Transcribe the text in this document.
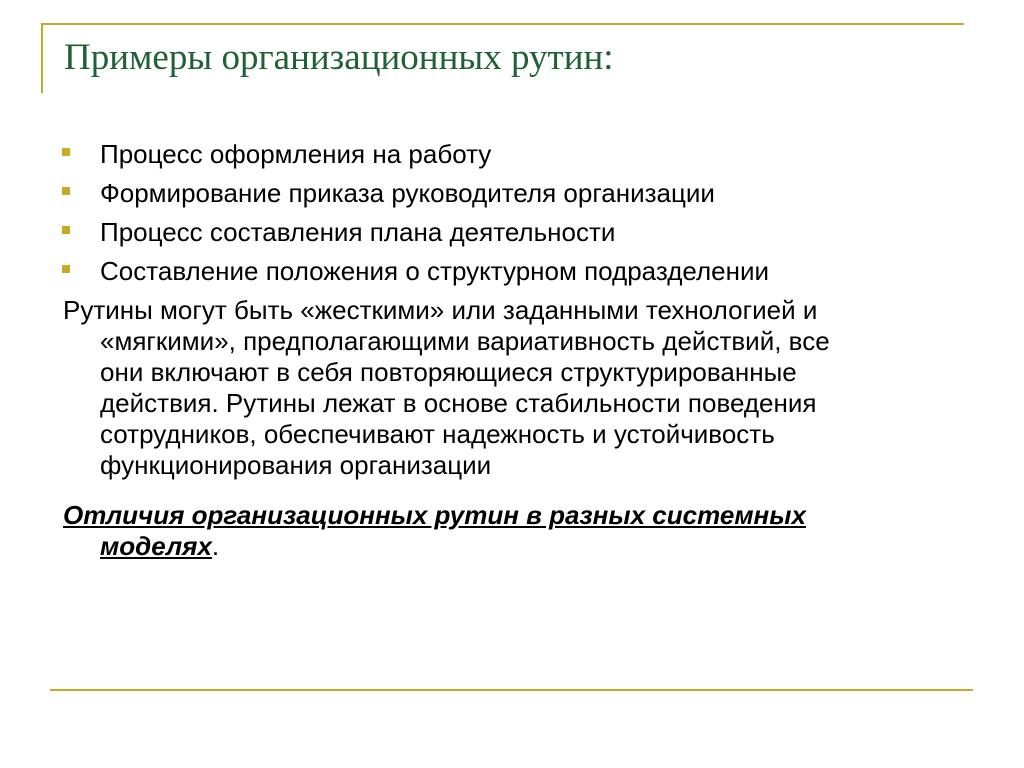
Примеры организационных рутин:
Процесс оформления на работу
Формирование приказа руководителя организации
Процесс составления плана деятельности
Составление положения о структурном подразделении
Рутины могут быть «жесткими» или заданными технологией и
«мягкими», предполагающими вариативность действий, все
они включают в себя повторяющиеся структурированные
действия. Рутины лежат в основе стабильности поведения
сотрудников, обеспечивают надежность и устойчивость
функционирования организации
Отличия организационных рутин в разных системных
моделях.
